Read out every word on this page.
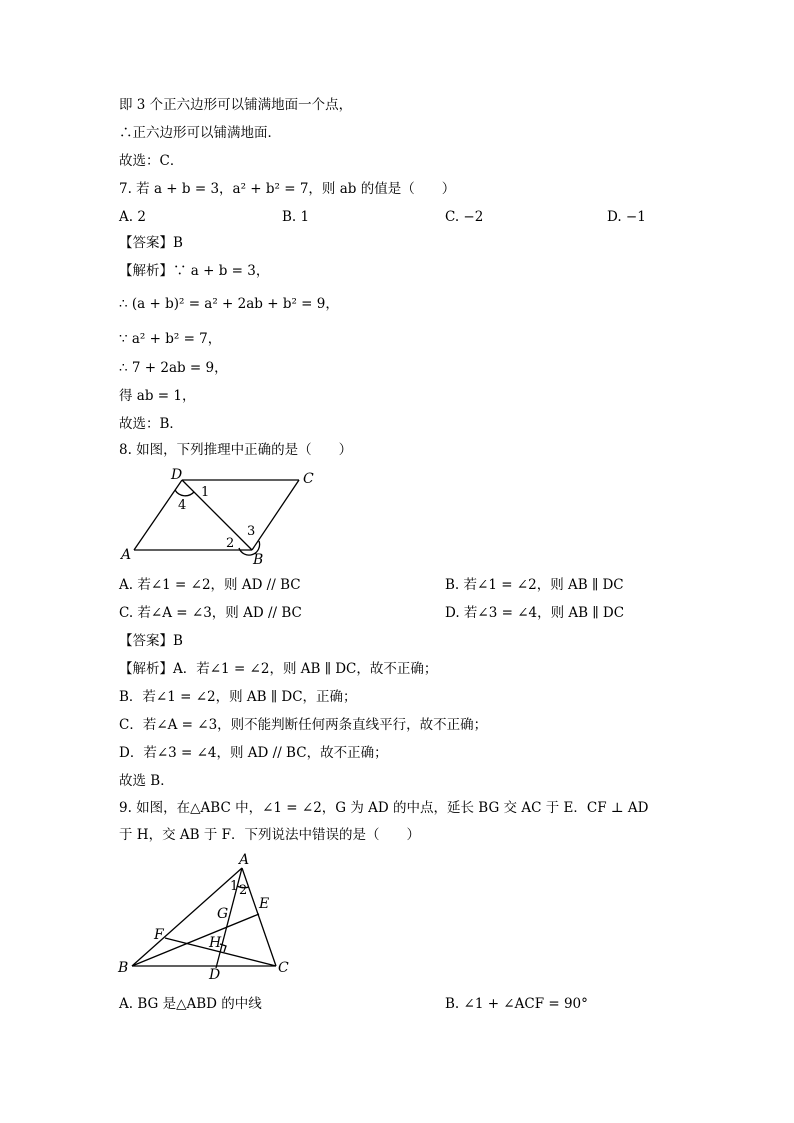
即 3 个正六边形可以铺满地面一个点，
∴正六边形可以铺满地面．
故选：C．
7. 若 a + b = 3，a² + b² = 7，则 ab 的值是（　　）
A. 2	B. 1	C. −2	D. −1
【答案】B
【解析】∵ a + b = 3，
∴ (a + b)² = a² + 2ab + b² = 9，
∵ a² + b² = 7，
∴ 7 + 2ab = 9，
得 ab = 1，
故选：B．
8. 如图，下列推理中正确的是（　　）
D	C
A	B
1
4
3
2
A. 若∠1 = ∠2，则 AD // BC	B. 若∠1 = ∠2，则 AB ∥ DC
C. 若∠A = ∠3，则 AD // BC	D. 若∠3 = ∠4，则 AB ∥ DC
【答案】B
【解析】A．若∠1 = ∠2，则 AB ∥ DC，故不正确；
B．若∠1 = ∠2，则 AB ∥ DC，正确；
C．若∠A = ∠3，则不能判断任何两条直线平行，故不正确；
D．若∠3 = ∠4，则 AD // BC，故不正确；
故选 B．
9. 如图，在△ABC 中，∠1 = ∠2，G 为 AD 的中点，延长 BG 交 AC 于 E．CF ⊥ AD
于 H，交 AB 于 F．下列说法中错误的是（　　）
A
B	C
D
E
F
G
H
1 2
A. BG 是△ABD 的中线	B. ∠1 + ∠ACF = 90°
